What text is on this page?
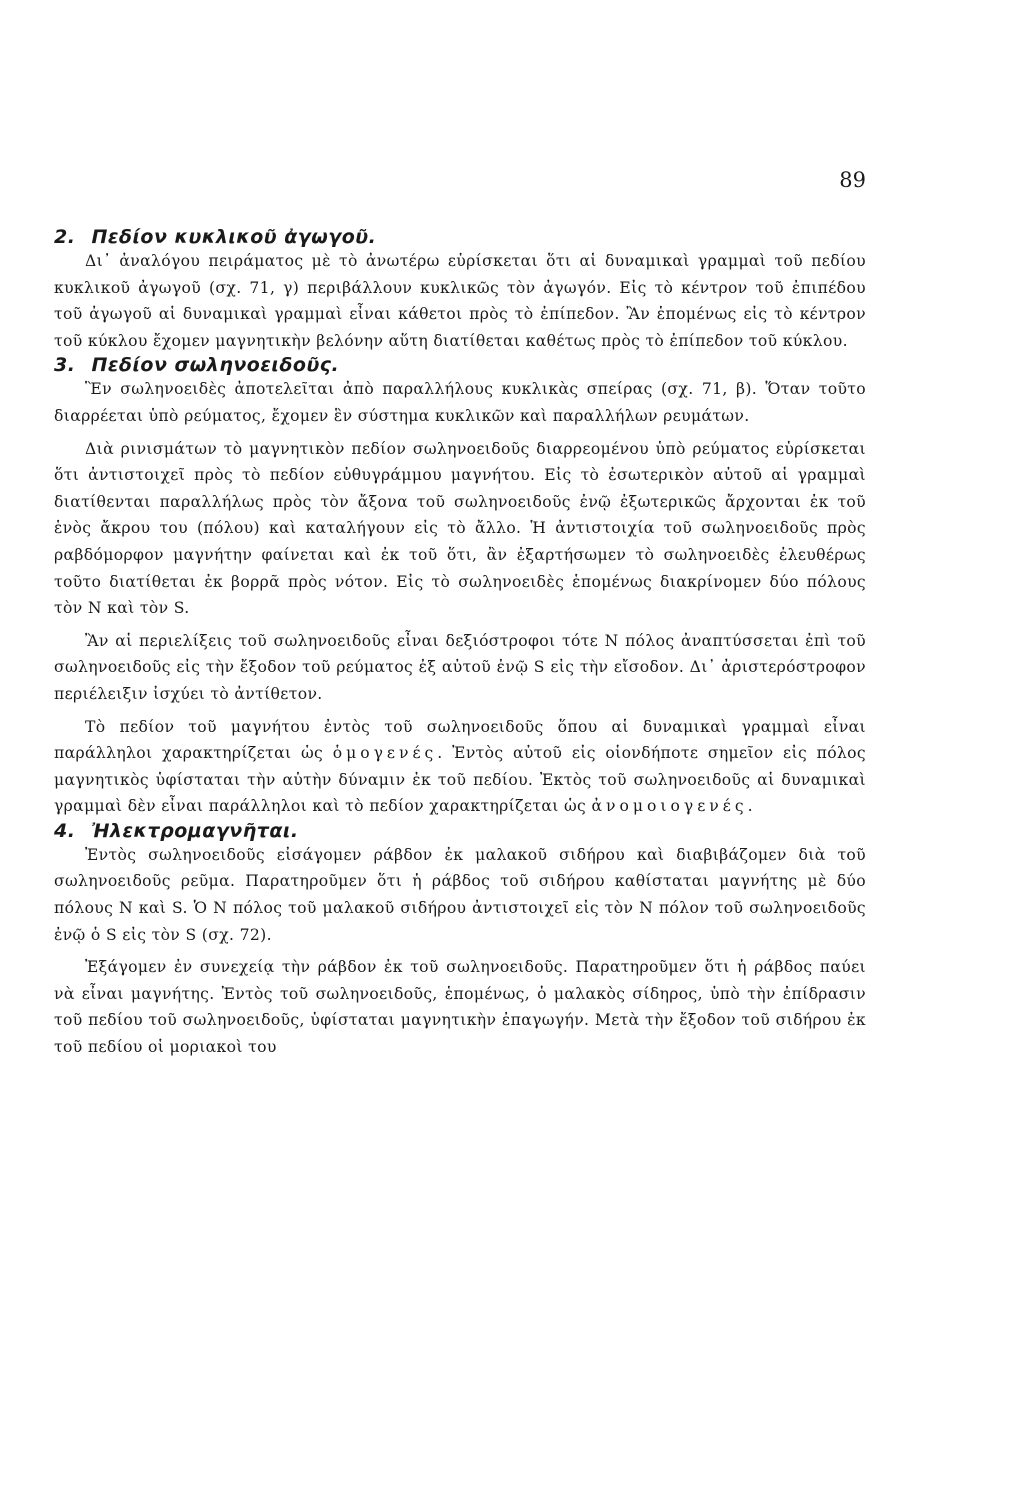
89
2. Πεδίον κυκλικοῦ ἀγωγοῦ.

Δι᾽ ἀναλόγου πειράματος μὲ τὸ ἀνωτέρω εὑρίσκεται ὅτι αἱ δυναμικαὶ γραμμαὶ τοῦ πεδίου κυκλικοῦ ἀγωγοῦ (σχ. 71, γ) περιβάλλουν κυκλικῶς τὸν ἀγωγόν. Εἰς τὸ κέντρον τοῦ ἐπιπέδου τοῦ ἀγωγοῦ αἱ δυναμικαὶ γραμμαὶ εἶναι κάθετοι πρὸς τὸ ἐπίπεδον. Ἂν ἑπομένως εἰς τὸ κέντρον τοῦ κύκλου ἔχομεν μαγνητικὴν βελόνην αὕτη διατίθεται καθέτως πρὸς τὸ ἐπίπεδον τοῦ κύκλου.

3. Πεδίον σωληνοειδοῦς.

Ἓν σωληνοειδὲς ἀποτελεῖται ἀπὸ παραλλήλους κυκλικὰς σπείρας (σχ. 71, β). Ὅταν τοῦτο διαρρέεται ὑπὸ ρεύματος, ἔχομεν ἓν σύστημα κυκλικῶν καὶ παραλλήλων ρευμάτων.

Διὰ ρινισμάτων τὸ μαγνητικὸν πεδίον σωληνοειδοῦς διαρρεομένου ὑπὸ ρεύματος εὑρίσκεται ὅτι ἀντιστοιχεῖ πρὸς τὸ πεδίον εὐθυγράμμου μαγνήτου. Εἰς τὸ ἐσωτερικὸν αὐτοῦ αἱ γραμμαὶ διατίθενται παραλλήλως πρὸς τὸν ἄξονα τοῦ σωληνοειδοῦς ἐνῷ ἐξωτερικῶς ἄρχονται ἐκ τοῦ ἑνὸς ἄκρου του (πόλου) καὶ καταλήγουν εἰς τὸ ἄλλο. Ἡ ἀντιστοιχία τοῦ σωληνοειδοῦς πρὸς ραβδόμορφον μαγνήτην φαίνεται καὶ ἐκ τοῦ ὅτι, ἂν ἐξαρτήσωμεν τὸ σωληνοειδὲς ἐλευθέρως τοῦτο διατίθεται ἐκ βορρᾶ πρὸς νότον. Εἰς τὸ σωληνοειδὲς ἑπομένως διακρίνομεν δύο πόλους τὸν N καὶ τὸν S.

Ἂν αἱ περιελίξεις τοῦ σωληνοειδοῦς εἶναι δεξιόστροφοι τότε N πόλος ἀναπτύσσεται ἐπὶ τοῦ σωληνοειδοῦς εἰς τὴν ἔξοδον τοῦ ρεύματος ἐξ αὐτοῦ ἐνῷ S εἰς τὴν εἴσοδον. Δι᾽ ἀριστερόστροφον περιέλειξιν ἰσχύει τὸ ἀντίθετον.

Τὸ πεδίον τοῦ μαγνήτου ἐντὸς τοῦ σωληνοειδοῦς ὅπου αἱ δυναμικαὶ γραμμαὶ εἶναι παράλληλοι χαρακτηρίζεται ὡς ὁμογενές. Ἐντὸς αὐτοῦ εἰς οἱονδήποτε σημεῖον εἰς πόλος μαγνητικὸς ὑφίσταται τὴν αὐτὴν δύναμιν ἐκ τοῦ πεδίου. Ἐκτὸς τοῦ σωληνοειδοῦς αἱ δυναμικαὶ γραμμαὶ δὲν εἶναι παράλληλοι καὶ τὸ πεδίον χαρακτηρίζεται ὡς ἀνομοιογενές.

4. Ἠλεκτρομαγνῆται.

Ἐντὸς σωληνοειδοῦς εἰσάγομεν ράβδον ἐκ μαλακοῦ σιδήρου καὶ διαβιβάζομεν διὰ τοῦ σωληνοειδοῦς ρεῦμα. Παρατηροῦμεν ὅτι ἡ ράβδος τοῦ σιδήρου καθίσταται μαγνήτης μὲ δύο πόλους N καὶ S. Ὁ N πόλος τοῦ μαλακοῦ σιδήρου ἀντιστοιχεῖ εἰς τὸν N πόλον τοῦ σωληνοειδοῦς ἐνῷ ὁ S εἰς τὸν S (σχ. 72).

Ἐξάγομεν ἐν συνεχείᾳ τὴν ράβδον ἐκ τοῦ σωληνοειδοῦς. Παρατηροῦμεν ὅτι ἡ ράβδος παύει νὰ εἶναι μαγνήτης. Ἐντὸς τοῦ σωληνοειδοῦς, ἑπομένως, ὁ μαλακὸς σίδηρος, ὑπὸ τὴν ἐπίδρασιν τοῦ πεδίου τοῦ σωληνοειδοῦς, ὑφίσταται μαγνητικὴν ἐπαγωγήν. Μετὰ τὴν ἔξοδον τοῦ σιδήρου ἐκ τοῦ πεδίου οἱ μοριακοὶ του
